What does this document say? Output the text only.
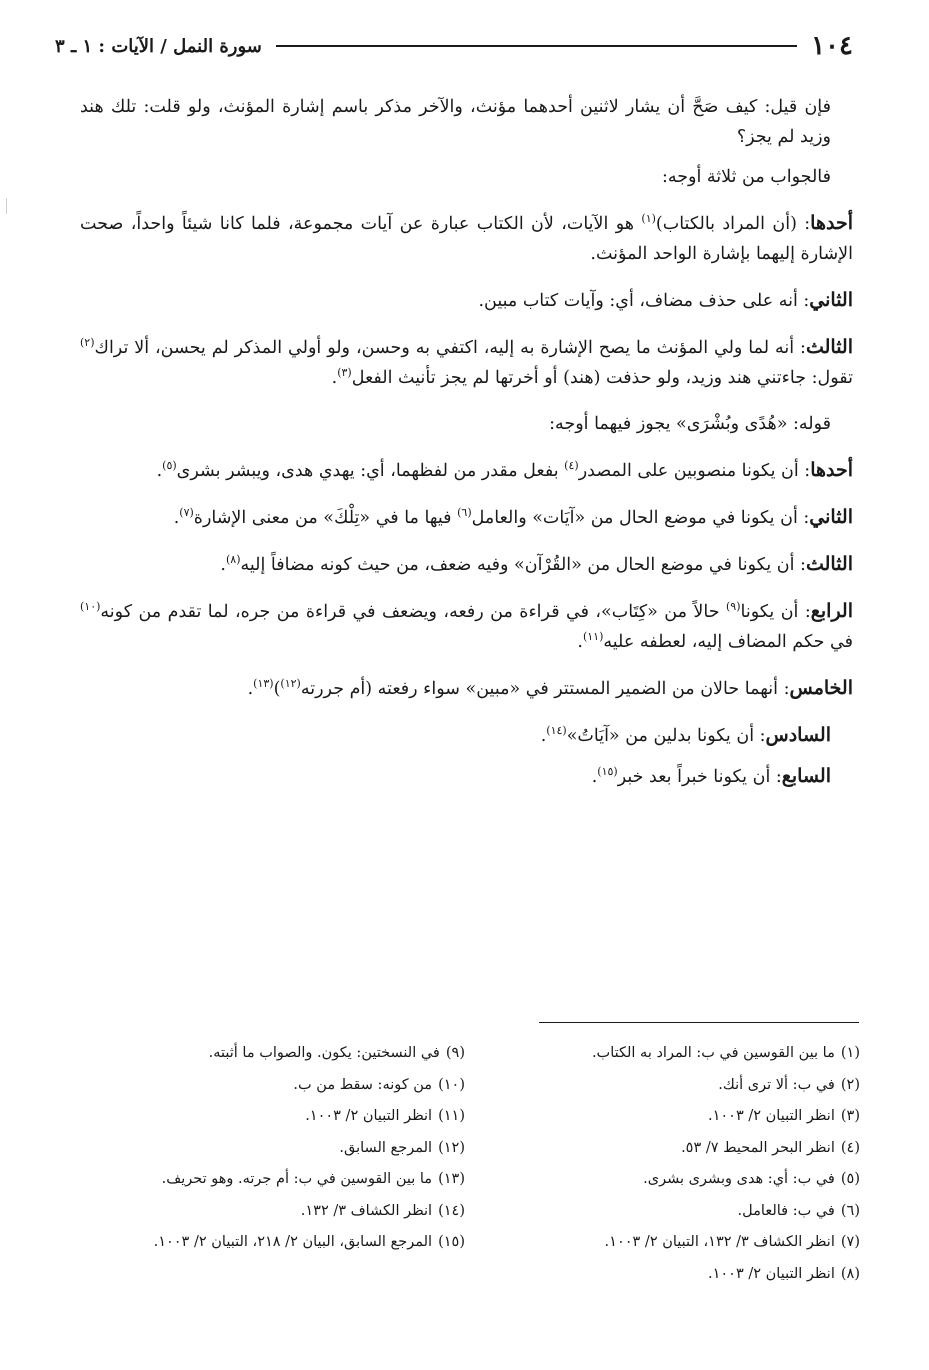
١٠٤
سورة النمل / الآيات : ١ ـ ٣

فإن قيل: كيف صَحَّ أن يشار لاثنين أحدهما مؤنث، والآخر مذكر باسم إشارة المؤنث، ولو قلت: تلك هند وزيد لم يجز؟

فالجواب من ثلاثة أوجه:

أحدها: (أن المراد بالكتاب)$^{(١)}$ هو الآيات، لأن الكتاب عبارة عن آيات مجموعة، فلما كانا شيئاً واحداً، صحت الإشارة إليهما بإشارة الواحد المؤنث.

الثاني: أنه على حذف مضاف، أي: وآيات كتاب مبين.

الثالث: أنه لما ولي المؤنث ما يصح الإشارة به إليه، اكتفي به وحسن، ولو أولي المذكر لم يحسن، ألا تراك$^{(٢)}$ تقول: جاءتني هند وزيد، ولو حذفت (هند) أو أخرتها لم يجز تأنيث الفعل$^{(٣)}$.

قوله: «هُدًى وبُشْرَى» يجوز فيهما أوجه:

أحدها: أن يكونا منصوبين على المصدر$^{(٤)}$ بفعل مقدر من لفظهما، أي: يهدي هدى، ويبشر بشرى$^{(٥)}$.

الثاني: أن يكونا في موضع الحال من «آيَات» والعامل$^{(٦)}$ فيها ما في «تِلْكَ» من معنى الإشارة$^{(٧)}$.

الثالث: أن يكونا في موضع الحال من «القُرْآن» وفيه ضعف، من حيث كونه مضافاً إليه$^{(٨)}$.

الرابع: أن يكونا$^{(٩)}$ حالاً من «كِتَاب»، في قراءة من رفعه، ويضعف في قراءة من جره، لما تقدم من كونه$^{(١٠)}$ في حكم المضاف إليه، لعطفه عليه$^{(١١)}$.

الخامس: أنهما حالان من الضمير المستتر في «مبين» سواء رفعته (أم جررته$^{(١٢)}$)$^{(١٣)}$.

السادس: أن يكونا بدلين من «آيَاتُ»$^{(١٤)}$.

السابع: أن يكونا خبراً بعد خبر$^{(١٥)}$.

(١)
ما بين القوسين في ب: المراد به الكتاب.
(٢)
في ب: ألا ترى أنك.
(٣)
انظر التبيان ٢/ ١٠٠٣.
(٤)
انظر البحر المحيط ٧/ ٥٣.
(٥)
في ب: أي: هدى وبشرى بشرى.
(٦)
في ب: فالعامل.
(٧)
انظر الكشاف ٣/ ١٣٢، التبيان ٢/ ١٠٠٣.
(٨)
انظر التبيان ٢/ ١٠٠٣.
(٩)
في النسختين: يكون. والصواب ما أثبته.
(١٠)
من كونه: سقط من ب.
(١١)
انظر التبيان ٢/ ١٠٠٣.
(١٢)
المرجع السابق.
(١٣)
ما بين القوسين في ب: أم جرته. وهو تحريف.
(١٤)
انظر الكشاف ٣/ ١٣٢.
(١٥)
المرجع السابق، البيان ٢/ ٢١٨، التبيان ٢/ ١٠٠٣.
